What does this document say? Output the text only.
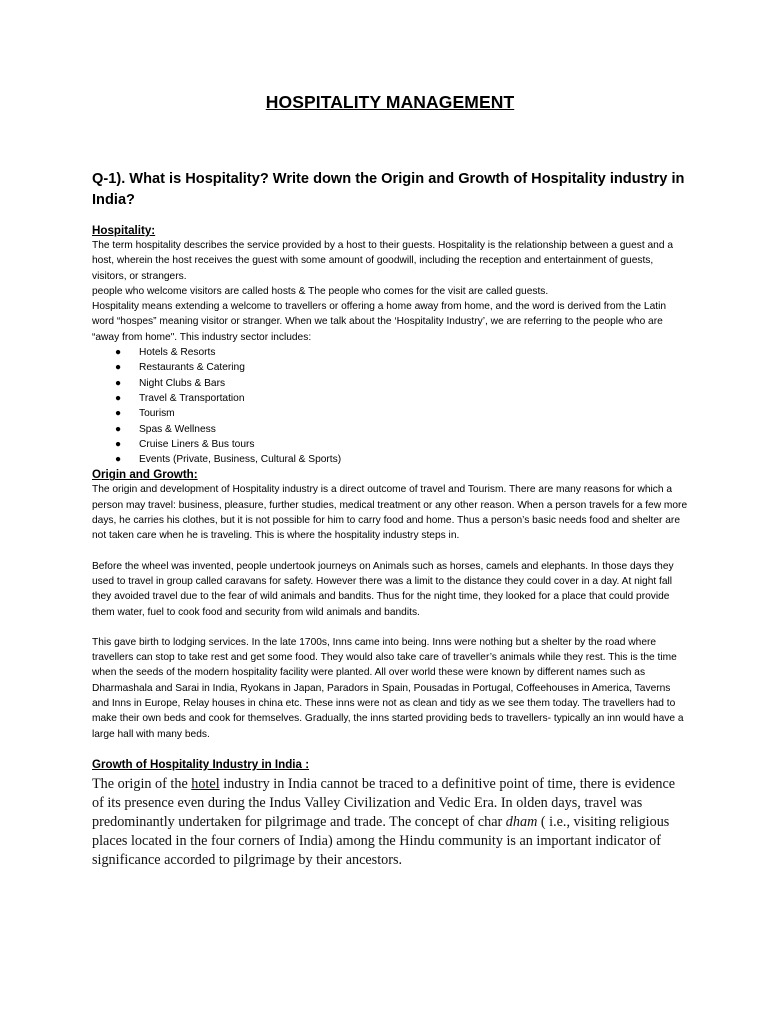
HOSPITALITY MANAGEMENT

Q-1). What is Hospitality? Write down the Origin and Growth of Hospitality industry in India?

Hospitality:

The term hospitality describes the service provided by a host to their guests. Hospitality is the relationship between a guest and a host, wherein the host receives the guest with some amount of goodwill, including the reception and entertainment of guests, visitors, or strangers.

people who welcome visitors are called hosts & The people who comes for the visit are called guests.

Hospitality means extending a welcome to travellers or offering a home away from home, and the word is derived from the Latin word “hospes” meaning visitor or stranger. When we talk about the ‘Hospitality Industry’, we are referring to the people who are “away from home". This industry sector includes:

● Hotels & Resorts
● Restaurants & Catering
● Night Clubs & Bars
● Travel & Transportation
● Tourism
● Spas & Wellness
● Cruise Liners & Bus tours
● Events (Private, Business, Cultural & Sports)

Origin and Growth:

The origin and development of Hospitality industry is a direct outcome of travel and Tourism. There are many reasons for which a person may travel: business, pleasure, further studies, medical treatment or any other reason. When a person travels for a few more days, he carries his clothes, but it is not possible for him to carry food and home. Thus a person’s basic needs food and shelter are not taken care when he is traveling. This is where the hospitality industry steps in.

Before the wheel was invented, people undertook journeys on Animals such as horses, camels and elephants. In those days they used to travel in group called caravans for safety. However there was a limit to the distance they could cover in a day. At night fall they avoided travel due to the fear of wild animals and bandits. Thus for the night time, they looked for a place that could provide them water, fuel to cook food and security from wild animals and bandits.

This gave birth to lodging services. In the late 1700s, Inns came into being. Inns were nothing but a shelter by the road where travellers can stop to take rest and get some food. They would also take care of traveller’s animals while they rest. This is the time when the seeds of the modern hospitality facility were planted. All over world these were known by different names such as Dharmashala and Sarai in India, Ryokans in Japan, Paradors in Spain, Pousadas in Portugal, Coffeehouses in America, Taverns and Inns in Europe, Relay houses in china etc. These inns were not as clean and tidy as we see them today. The travellers had to make their own beds and cook for themselves. Gradually, the inns started providing beds to travellers- typically an inn would have a large hall with many beds.

Growth of Hospitality Industry in India :

The origin of the hotel industry in India cannot be traced to a definitive point of time, there is evidence of its presence even during the Indus Valley Civilization and Vedic Era. In olden days, travel was predominantly undertaken for pilgrimage and trade. The concept of char dham ( i.e., visiting religious places located in the four corners of India) among the Hindu community is an important indicator of significance accorded to pilgrimage by their ancestors.
